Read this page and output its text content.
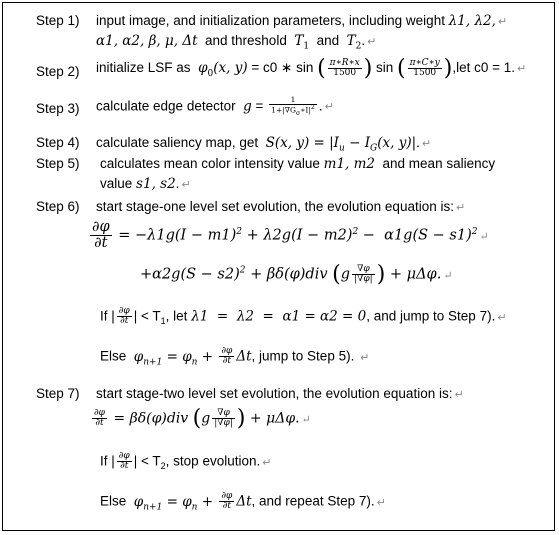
Step 1) input image, and initialization parameters, including weight λ1, λ2, ↵
α1, α2, β, μ, Δt and threshold $T_1$ and $T_2$. ↵
Step 2) initialize LSF as $\varphi_0(x$, y) = c0 ∗ sin ( $\frac{\pi∗R∗x}{1500}$ ) sin ( $\frac{\pi∗C∗y}{1500} ),let$ c0 = 1. ↵
Step 3) calculate edge detector $g = \frac{1}{1+|\nabla G_\sigma∗I|^2}$ . ↵
Step 4) calculate saliency map, get S(x, $y) = |I_u - I_G(x$, y)|. ↵
Step 5) calculates mean color intensity value m1, m2 and mean saliency
value s1, s2. ↵
Step 6) start stage-one level set evolution, the evolution equation is: ↵
$\frac{\partial\varphi}{\partial t} = -\lambda 1g(I - m1)^2 + \lambda 2g(I - m2)^2 - \alpha 1g(S - s1)^2$ ↵
$+\alpha 2g(S - s2)^2 + \beta\delta(\varphi)div$ ($g \frac{\nabla\varphi}{|\nabla\varphi|}$ ) + μΔφ. ↵
If | $\frac{\partial\varphi}{\partial t}$ | < $T_1$, let λ1  =  λ2  =  α1 = α2 = 0, and jump to Step 7). ↵
Else $\varphi_{n+1} = \varphi_n + \frac{\partial\varphi}{\partial t} \Delta t$, jump to Step 5). ↵
Step 7) start stage-two level set evolution, the evolution equation is: ↵
$\frac{\partial\varphi}{\partial t} = \beta\delta(\varphi)div$ ($g \frac{\nabla\varphi}{|\nabla\varphi|}$ ) + μΔφ. ↵
If | $\frac{\partial\varphi}{\partial t}$ | < $T_2$, stop evolution. ↵
Else $\varphi_{n+1} = \varphi_n + \frac{\partial\varphi}{\partial t} \Delta t$, and repeat Step 7). ↵
